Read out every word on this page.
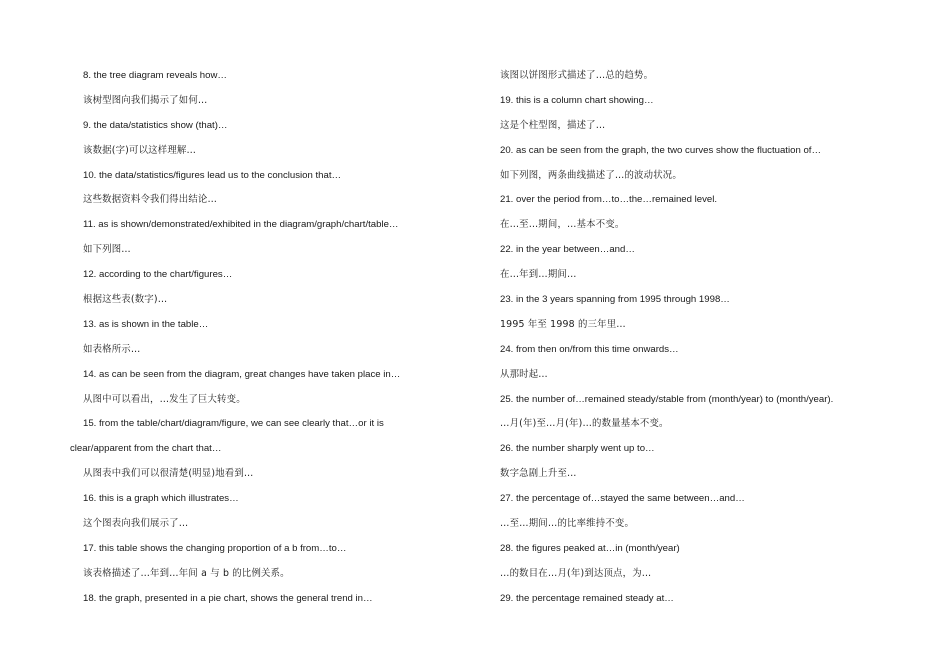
8. the tree diagram reveals how…
该树型图向我们揭示了如何…
9. the data/statistics show (that)…
该数据(字)可以这样理解…
10. the data/statistics/figures lead us to the conclusion that…
这些数据资料令我们得出结论…
11. as is shown/demonstrated/exhibited in the diagram/graph/chart/table…
如下列图…
12. according to the chart/figures…
根据这些表(数字)…
13. as is shown in the table…
如表格所示…
14. as can be seen from the diagram, great changes have taken place in…
从图中可以看出，…发生了巨大转变。
15. from the table/chart/diagram/figure, we can see clearly that…or it is
clear/apparent from the chart that…
从图表中我们可以很清楚(明显)地看到…
16. this is a graph which illustrates…
这个图表向我们展示了…
17. this table shows the changing proportion of a b from…to…
该表格描述了…年到…年间 a 与 b 的比例关系。
18. the graph, presented in a pie chart, shows the general trend in…
该图以饼图形式描述了…总的趋势。
19. this is a column chart showing…
这是个柱型图，描述了…
20. as can be seen from the graph, the two curves show the fluctuation of…
如下列图，两条曲线描述了…的波动状况。
21. over the period from…to…the…remained level.
在…至…期间，…基本不变。
22. in the year between…and…
在…年到…期间…
23. in the 3 years spanning from 1995 through 1998…
1995 年至 1998 的三年里…
24. from then on/from this time onwards…
从那时起…
25. the number of…remained steady/stable from (month/year) to (month/year).
…月(年)至…月(年)…的数量基本不变。
26. the number sharply went up to…
数字急剧上升至…
27. the percentage of…stayed the same between…and…
…至…期间…的比率维持不变。
28. the figures peaked at…in (month/year)
…的数目在…月(年)到达顶点，为…
29. the percentage remained steady at…
